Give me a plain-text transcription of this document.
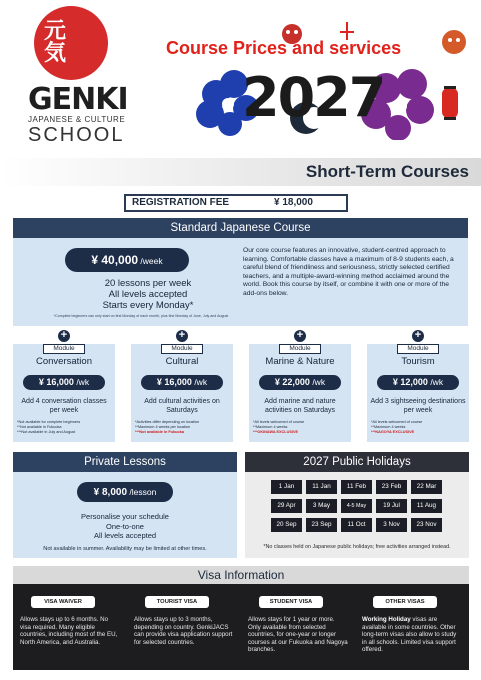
元気
GENKI
JAPANESE & CULTURE
SCHOOL
Course Prices and services
2027
Short-Term Courses
REGISTRATION FEE	¥ 18,000
Standard Japanese Course
¥ 40,000 /week
20 lessons per week
All levels accepted
Starts every Monday*
*Complete beginners can only start on first Monday of each month, plus first Monday of June, July and August
Our core course features an innovative, student-centred approach to learning. Comfortable classes have a maximum of 8-9 students each, a careful blend of friendliness and seriousness, strictly selected certified teachers, and a multiple-award-winning method acclaimed around the world. Book this course by itself, or combine it with one or more of the add-ons below.
+
Module
Conversation
¥ 16,000 /wk
Add 4 conversation classes per week
*Not available for complete beginners
**Not available in Fukuoka
***Not available in July and August
+
Module
Cultural
¥ 16,000 /wk
Add cultural activities on Saturdays
*Activities differ depending on location
**Maximum 4 weeks per location
***Not available in Fukuoka
+
Module
Marine & Nature
¥ 22,000 /wk
Add marine and nature activities on Saturdays
*All levels welcomed of course
**Maximum 4 weeks
***OKINAWA EXCLUSIVE
+
Module
Tourism
¥ 12,000 /wk
Add 3 sightseeing destinations per week
*All levels welcomed of course
**Maximum 4 weeks
***NAGOYA EXCLUSIVE
Private Lessons
¥ 8,000 /lesson
Personalise your schedule
One-to-one
All levels accepted
Not available in summer. Availability may be limited at other times.
2027 Public Holidays
1 Jan	11 Jan	11 Feb	23 Feb	22 Mar
29 Apr	3 May	4-5 May	19 Jul	11 Aug
20 Sep	23 Sep	11 Oct	3 Nov	23 Nov
*No classes held on Japanese public holidays; free activities arranged instead.
Visa Information
VISA WAIVER
Allows stays up to 6 months. No visa required. Many eligible countries, including most of the EU, North America, and Australia.
TOURIST VISA
Allows stays up to 3 months, depending on country. GenkiJACS can provide visa application support for selected countries.
STUDENT VISA
Allows stays for 1 year or more. Only available from selected countries, for one-year or longer courses at our Fukuoka and Nagoya branches.
OTHER VISAS
Working Holiday visas are available in some countries. Other long-term visas also allow to study in all schools. Limited visa support offered.
